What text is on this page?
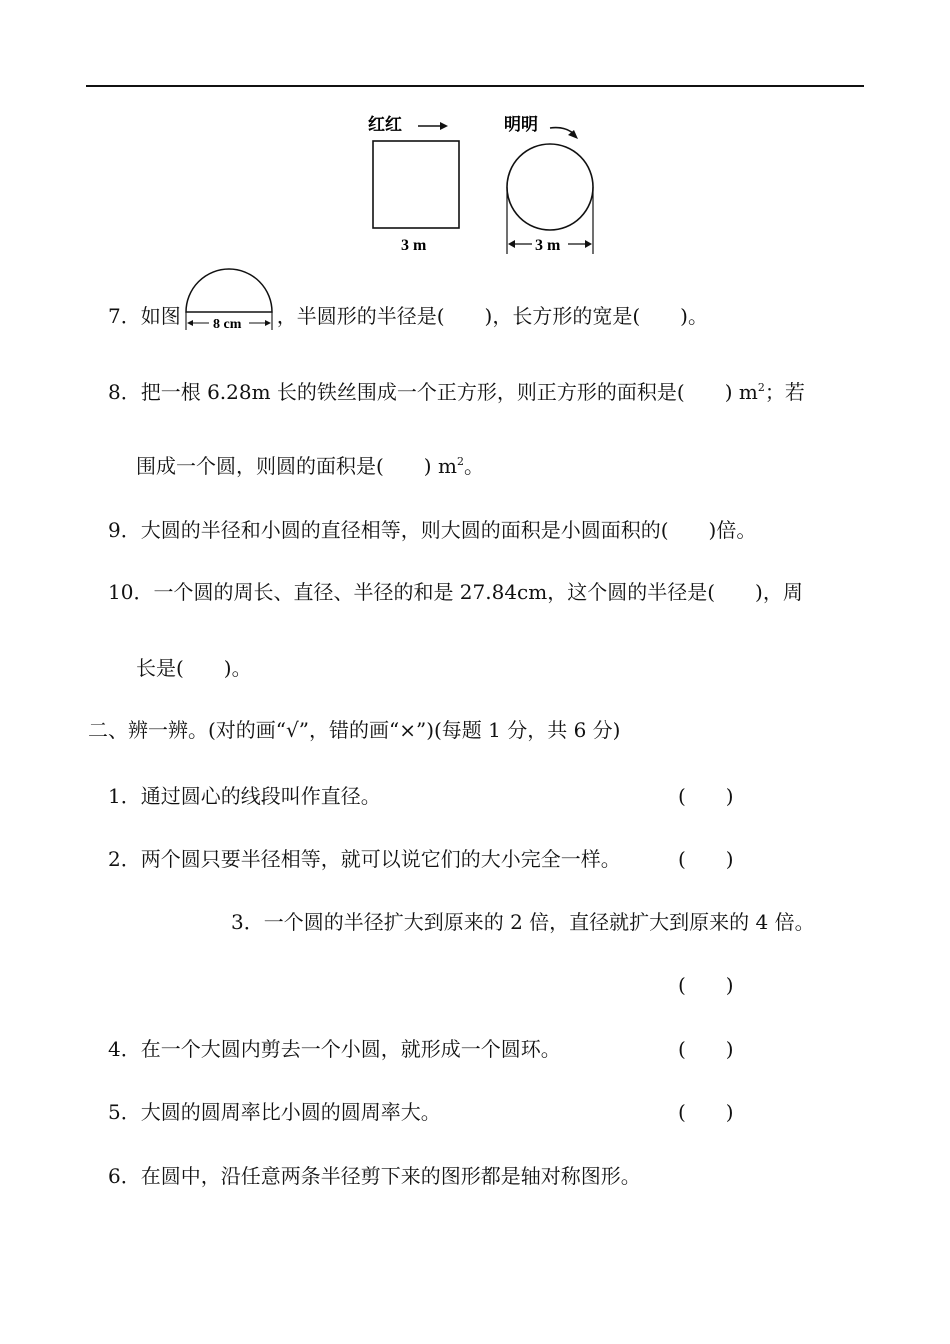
红红
3 m
明明
3 m
7．如图 8 cm ，半圆形的半径是(　　)，长方形的宽是(　　)。
8．把一根 6.28m 长的铁丝围成一个正方形，则正方形的面积是(　　) $m^2$；若
围成一个圆，则圆的面积是(　　) $m^2$。
9．大圆的半径和小圆的直径相等，则大圆的面积是小圆面积的(　　)倍。
10．一个圆的周长、直径、半径的和是 27.84cm，这个圆的半径是(　　)，周
长是(　　)。
二、辨一辨。(对的画“√”，错的画“×”)(每题 1 分，共 6 分)
1．通过圆心的线段叫作直径。	(　　)
2．两个圆只要半径相等，就可以说它们的大小完全一样。	(　　)
3．一个圆的半径扩大到原来的 2 倍，直径就扩大到原来的 4 倍。
(　　)
4．在一个大圆内剪去一个小圆，就形成一个圆环。	(　　)
5．大圆的圆周率比小圆的圆周率大。	(　　)
6．在圆中，沿任意两条半径剪下来的图形都是轴对称图形。
